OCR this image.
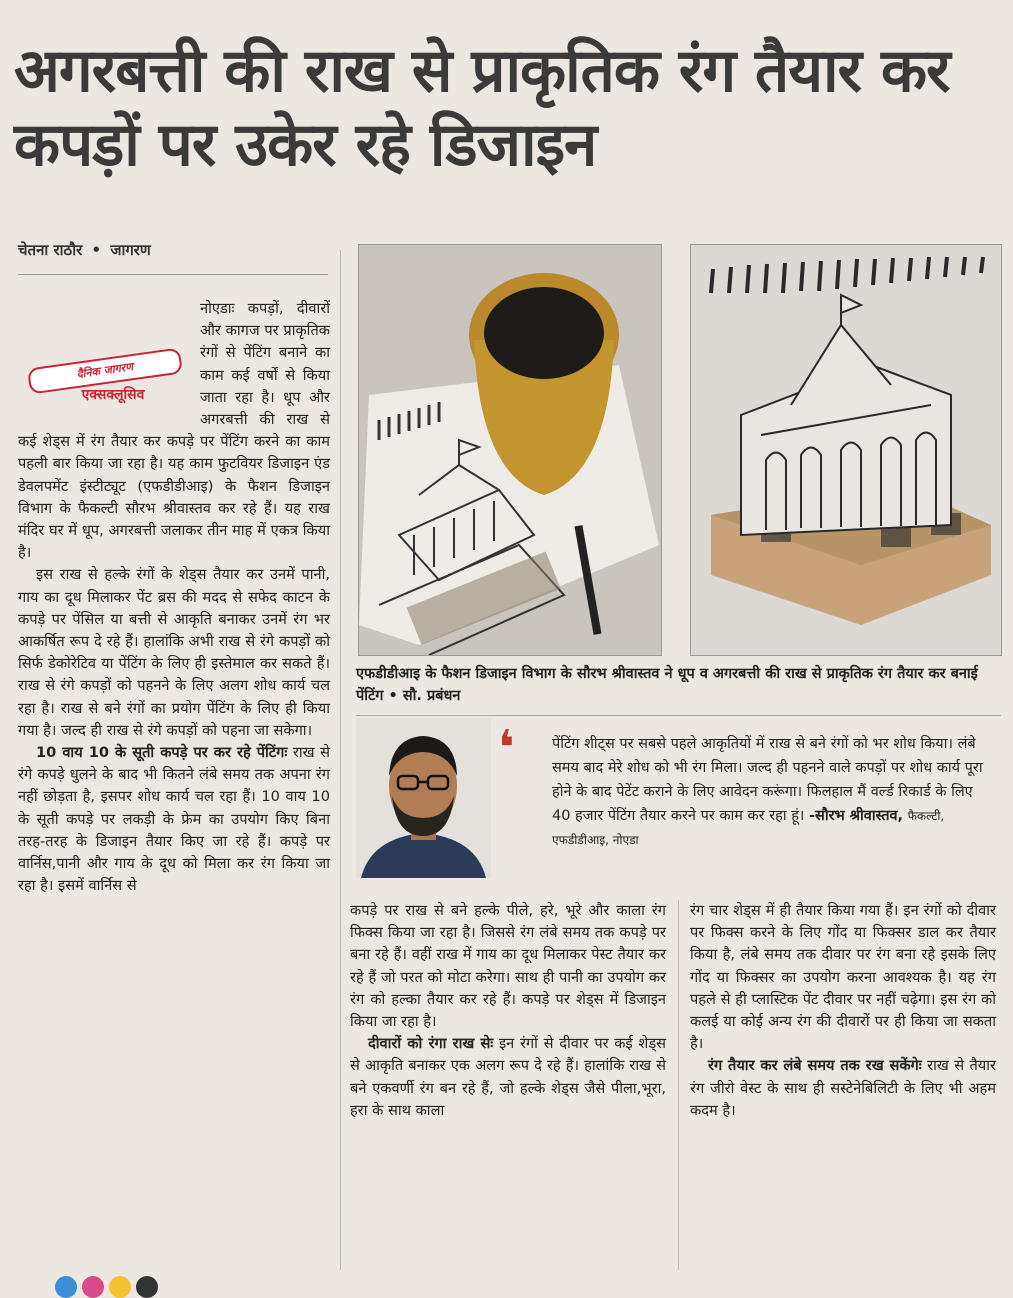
अगरबत्ती की राख से प्राकृतिक रंग तैयार कर कपड़ों पर उकेर रहे डिजाइन
चेतना राठौर • जागरण
दैनिक जागरण
एक्सक्लूसिव

नोएडाः कपड़ों, दीवारों और कागज पर प्राकृतिक रंगों से पेंटिंग बनाने का काम कई वर्षों से किया जाता रहा है। धूप और अगरबत्ती की राख से कई शेड्स में रंग तैयार कर कपड़े पर पेंटिंग करने का काम पहली बार किया जा रहा है। यह काम फुटवियर डिजाइन एंड डेवलपमेंट इंस्टीट्यूट (एफडीडीआइ) के फैशन डिजाइन विभाग के फैकल्टी सौरभ श्रीवास्तव कर रहे हैं। यह राख मंदिर घर में धूप, अगरबत्ती जलाकर तीन माह में एकत्र किया है।

इस राख से हल्के रंगों के शेड्स तैयार कर उनमें पानी, गाय का दूध मिलाकर पेंट ब्रस की मदद से सफेद काटन के कपड़े पर पेंसिल या बत्ती से आकृति बनाकर उनमें रंग भर आकर्षित रूप दे रहे हैं। हालांकि अभी राख से रंगे कपड़ों को सिर्फ डेकोरेटिव या पेंटिंग के लिए ही इस्तेमाल कर सकते हैं। राख से रंगे कपड़ों को पहनने के लिए अलग शोध कार्य चल रहा है। राख से बने रंगों का प्रयोग पेंटिंग के लिए ही किया गया है। जल्द ही राख से रंगे कपड़ों को पहना जा सकेगा।

10 वाय 10 के सूती कपड़े पर कर रहे पेंटिंगः राख से रंगे कपड़े धुलने के बाद भी कितने लंबे समय तक अपना रंग नहीं छोड़ता है, इसपर शोध कार्य चल रहा हैं। 10 वाय 10 के सूती कपड़े पर लकड़ी के फ्रेम का उपयोग किए बिना तरह-तरह के डिजाइन तैयार किए जा रहे हैं। कपड़े पर वार्निस,पानी और गाय के दूध को मिला कर रंग किया जा रहा है। इसमें वार्निस से

एफडीडीआइ के फैशन डिजाइन विभाग के सौरभ श्रीवास्तव ने धूप व अगरबत्ती की राख से प्राकृतिक रंग तैयार कर बनाई पेंटिंग • सौ. प्रबंधन
❛	पेंटिंग शीट्स पर सबसे पहले आकृतियों में राख से बने रंगों को भर शोध किया। लंबे समय बाद मेरे शोध को भी रंग मिला। जल्द ही पहनने वाले कपड़ों पर शोध कार्य पूरा होने के बाद पेटेंट कराने के लिए आवेदन करूंगा। फिलहाल मैं वर्ल्ड रिकार्ड के लिए 40 हजार पेंटिंग तैयार करने पर काम कर रहा हूं। -सौरभ श्रीवास्तव, फैकल्टी, एफडीडीआइ, नोएडा

कपड़े पर राख से बने हल्के पीले, हरे, भूरे और काला रंग फिक्स किया जा रहा है। जिससे रंग लंबे समय तक कपड़े पर बना रहे हैं। वहीं राख में गाय का दूध मिलाकर पेस्ट तैयार कर रहे हैं जो परत को मोटा करेगा। साथ ही पानी का उपयोग कर रंग को हल्का तैयार कर रहे हैं। कपड़े पर शेड्स में डिजाइन किया जा रहा है।

दीवारों को रंगा राख सेः इन रंगों से दीवार पर कई शेड्स से आकृति बनाकर एक अलग रूप दे रहे हैं। हालांकि राख से बने एकवर्णी रंग बन रहे हैं, जो हल्के शेड्स जैसे पीला,भूरा, हरा के साथ काला

रंग चार शेड्स में ही तैयार किया गया हैं। इन रंगों को दीवार पर फिक्स करने के लिए गोंद या फिक्सर डाल कर तैयार किया है, लंबे समय तक दीवार पर रंग बना रहे इसके लिए गोंद या फिक्सर का उपयोग करना आवश्यक है। यह रंग पहले से ही प्लास्टिक पेंट दीवार पर नहीं चढ़ेगा। इस रंग को कलई या कोई अन्य रंग की दीवारों पर ही किया जा सकता है।

रंग तैयार कर लंबे समय तक रख सकेंगेः राख से तैयार रंग जीरो वेस्ट के साथ ही सस्टेनेबिलिटी के लिए भी अहम कदम है।
